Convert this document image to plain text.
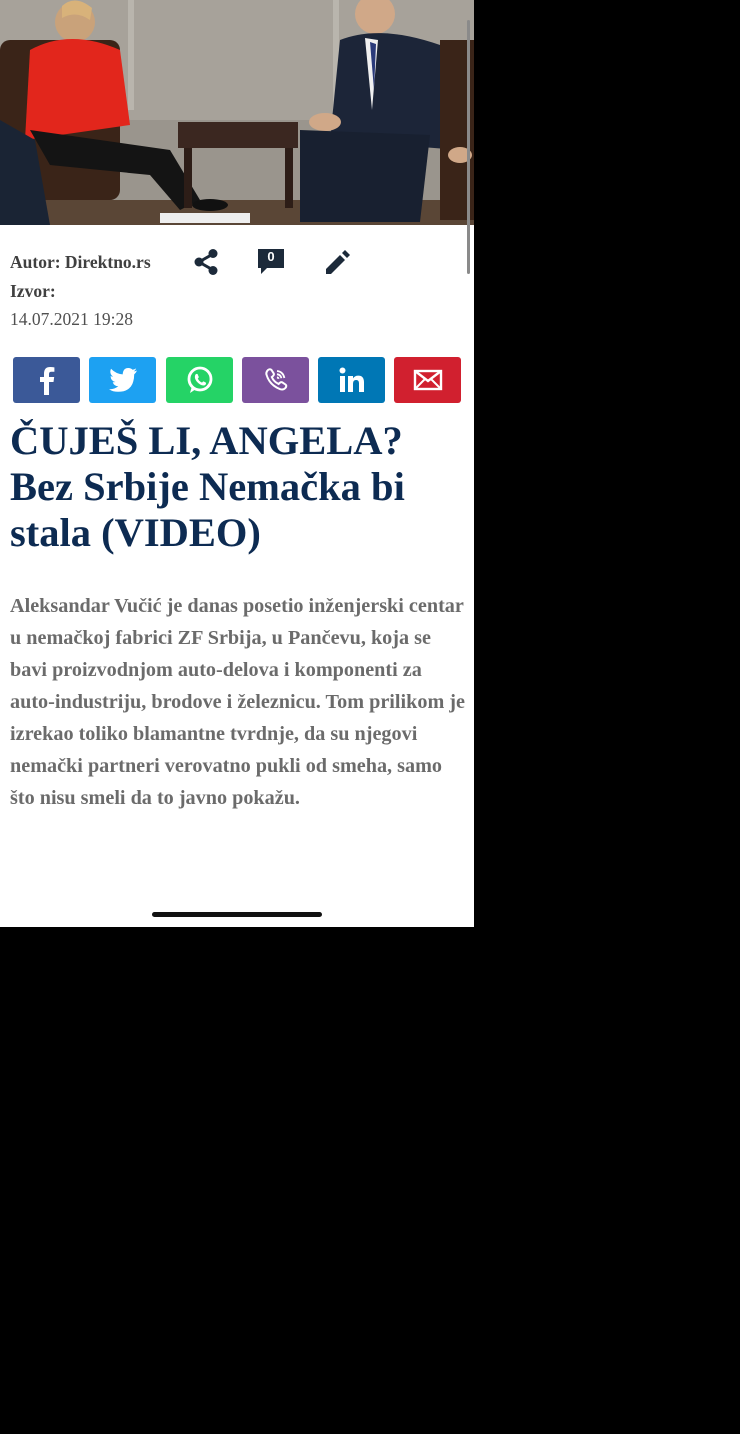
Autor: Direktno.rs
Izvor:
14.07.2021 19:28
0
ČUJEŠ LI, ANGELA? Bez Srbije Nemačka bi stala (VIDEO)

Aleksandar Vučić je danas posetio inženjerski centar u nemačkoj fabrici ZF Srbija, u Pančevu, koja se bavi proizvodnjom auto-delova i komponenti za auto-industriju, brodove i železnicu. Tom prilikom je izrekao toliko blamantne tvrdnje, da su njegovi nemački partneri verovatno pukli od smeha, samo što nisu smeli da to javno pokažu.
